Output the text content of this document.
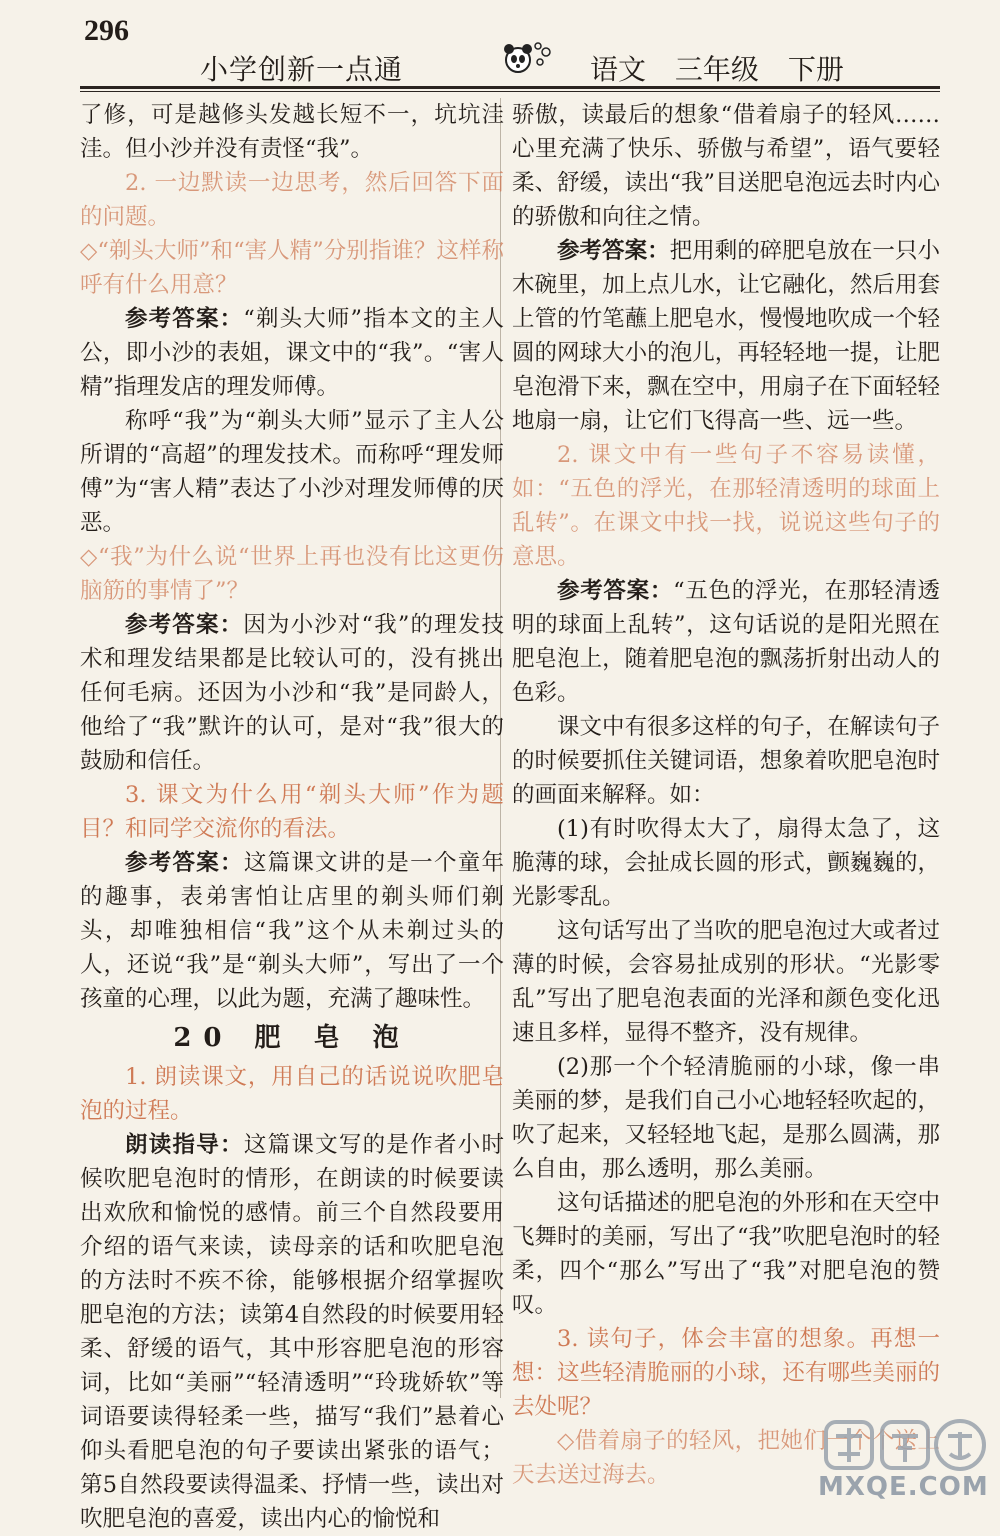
296
小学创新一点通	语文 三年级 下册

了修，可是越修头发越长短不一，坑坑洼洼。但小沙并没有责怪“我”。

2. 一边默读一边思考，然后回答下面的问题。

◇“剃头大师”和“害人精”分别指谁？这样称呼有什么用意？

参考答案：“剃头大师”指本文的主人公，即小沙的表姐，课文中的“我”。“害人精”指理发店的理发师傅。

称呼“我”为“剃头大师”显示了主人公所谓的“高超”的理发技术。而称呼“理发师傅”为“害人精”表达了小沙对理发师傅的厌恶。

◇“我”为什么说“世界上再也没有比这更伤脑筋的事情了”？

参考答案：因为小沙对“我”的理发技术和理发结果都是比较认可的，没有挑出任何毛病。还因为小沙和“我”是同龄人，他给了“我”默许的认可，是对“我”很大的鼓励和信任。

3. 课文为什么用“剃头大师”作为题目？和同学交流你的看法。

参考答案：这篇课文讲的是一个童年的趣事，表弟害怕让店里的剃头师们剃头，却唯独相信“我”这个从未剃过头的人，还说“我”是“剃头大师”，写出了一个孩童的心理，以此为题，充满了趣味性。

20 肥 皂 泡

1. 朗读课文，用自己的话说说吹肥皂泡的过程。

朗读指导：这篇课文写的是作者小时候吹肥皂泡时的情形，在朗读的时候要读出欢欣和愉悦的感情。前三个自然段要用介绍的语气来读，读母亲的话和吹肥皂泡的方法时不疾不徐，能够根据介绍掌握吹肥皂泡的方法；读第4自然段的时候要用轻柔、舒缓的语气，其中形容肥皂泡的形容词，比如“美丽”“轻清透明”“玲珑娇软”等词语要读得轻柔一些，描写“我们”悬着心仰头看肥皂泡的句子要读出紧张的语气；第5自然段要读得温柔、抒情一些，读出对吹肥皂泡的喜爱，读出内心的愉悦和

骄傲，读最后的想象“借着扇子的轻风……心里充满了快乐、骄傲与希望”，语气要轻柔、舒缓，读出“我”目送肥皂泡远去时内心的骄傲和向往之情。

参考答案：把用剩的碎肥皂放在一只小木碗里，加上点儿水，让它融化，然后用套上管的竹笔蘸上肥皂水，慢慢地吹成一个轻圆的网球大小的泡儿，再轻轻地一提，让肥皂泡滑下来，飘在空中，用扇子在下面轻轻地扇一扇，让它们飞得高一些、远一些。

2. 课文中有一些句子不容易读懂，如：“五色的浮光，在那轻清透明的球面上乱转”。在课文中找一找，说说这些句子的意思。

参考答案：“五色的浮光，在那轻清透明的球面上乱转”，这句话说的是阳光照在肥皂泡上，随着肥皂泡的飘荡折射出动人的色彩。

课文中有很多这样的句子，在解读句子的时候要抓住关键词语，想象着吹肥皂泡时的画面来解释。如：

(1)有时吹得太大了，扇得太急了，这脆薄的球，会扯成长圆的形式，颤巍巍的，光影零乱。

这句话写出了当吹的肥皂泡过大或者过薄的时候，会容易扯成别的形状。“光影零乱”写出了肥皂泡表面的光泽和颜色变化迅速且多样，显得不整齐，没有规律。

(2)那一个个轻清脆丽的小球，像一串美丽的梦，是我们自己小心地轻轻吹起的，吹了起来，又轻轻地飞起，是那么圆满，那么自由，那么透明，那么美丽。

这句话描述的肥皂泡的外形和在天空中飞舞时的美丽，写出了“我”吹肥皂泡时的轻柔，四个“那么”写出了“我”对肥皂泡的赞叹。

3. 读句子，体会丰富的想象。再想一想：这些轻清脆丽的小球，还有哪些美丽的去处呢？

◇借着扇子的轻风，把她们一个个送上天去送过海去。	MXQE.COM
